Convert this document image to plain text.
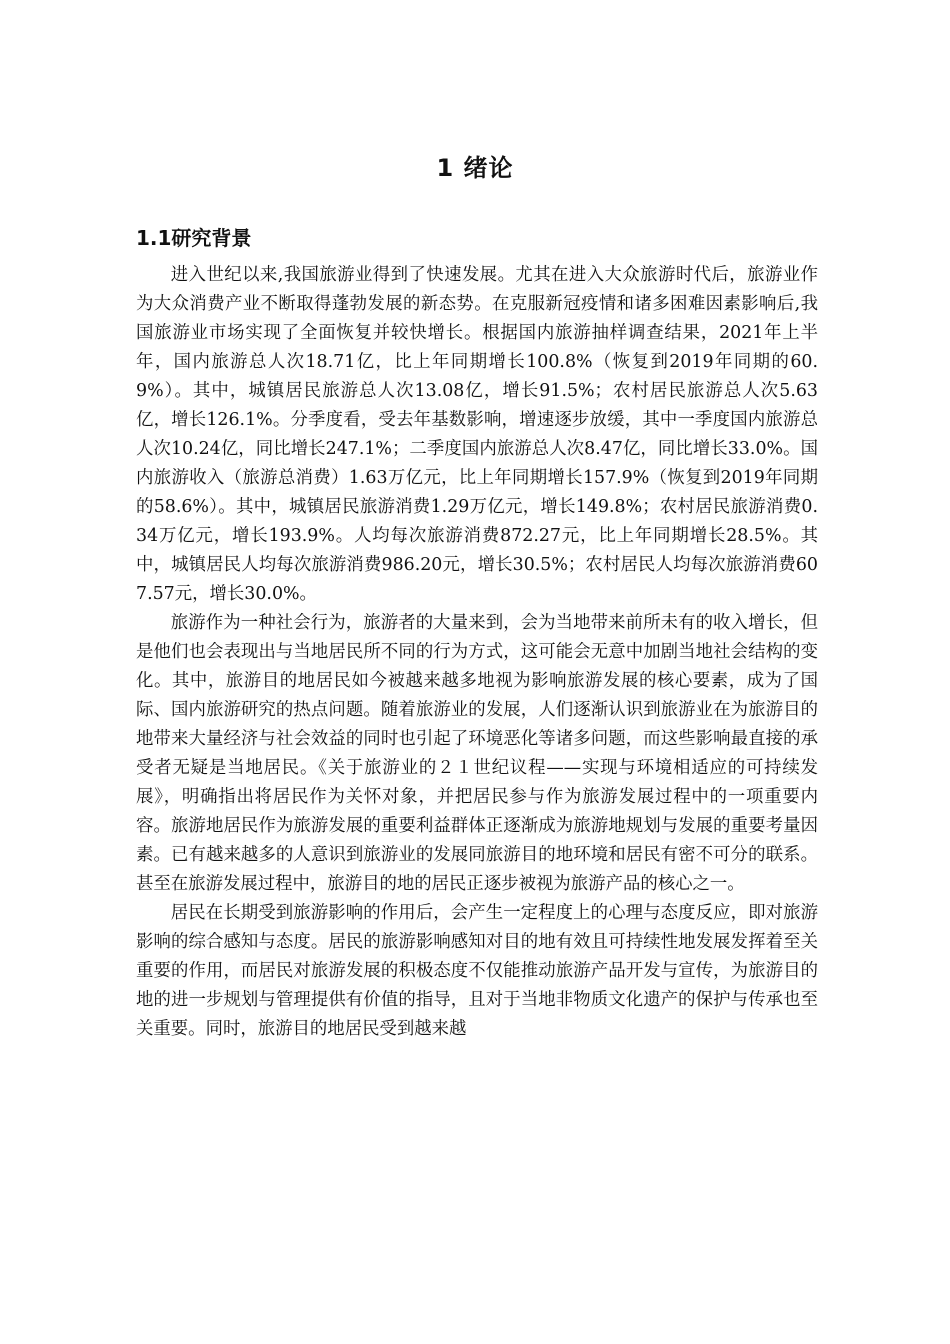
1 绪论
1.1研究背景

进入世纪以来,我国旅游业得到了快速发展。尤其在进入大众旅游时代后，旅游业作为大众消费产业不断取得蓬勃发展的新态势。在克服新冠疫情和诸多困难因素影响后,我国旅游业市场实现了全面恢复并较快增长。根据国内旅游抽样调查结果，2021年上半年，国内旅游总人次18.71亿，比上年同期增长100.8%（恢复到2019年同期的60.9%）。其中，城镇居民旅游总人次13.08亿，增长91.5%；农村居民旅游总人次5.63亿，增长126.1%。分季度看，受去年基数影响，增速逐步放缓，其中一季度国内旅游总人次10.24亿，同比增长247.1%；二季度国内旅游总人次8.47亿，同比增长33.0%。国内旅游收入（旅游总消费）1.63万亿元，比上年同期增长157.9%（恢复到2019年同期的58.6%）。其中，城镇居民旅游消费1.29万亿元，增长149.8%；农村居民旅游消费0.34万亿元，增长193.9%。人均每次旅游消费872.27元，比上年同期增长28.5%。其中，城镇居民人均每次旅游消费986.20元，增长30.5%；农村居民人均每次旅游消费607.57元，增长30.0%。

旅游作为一种社会行为，旅游者的大量来到，会为当地带来前所未有的收入增长，但是他们也会表现出与当地居民所不同的行为方式，这可能会无意中加剧当地社会结构的变化。其中，旅游目的地居民如今被越来越多地视为影响旅游发展的核心要素，成为了国际、国内旅游研究的热点问题。随着旅游业的发展，人们逐渐认识到旅游业在为旅游目的地带来大量经济与社会效益的同时也引起了环境恶化等诸多问题，而这些影响最直接的承受者无疑是当地居民。《关于旅游业的２１世纪议程——实现与环境相适应的可持续发展》，明确指出将居民作为关怀对象，并把居民参与作为旅游发展过程中的一项重要内容。旅游地居民作为旅游发展的重要利益群体正逐渐成为旅游地规划与发展的重要考量因素。已有越来越多的人意识到旅游业的发展同旅游目的地环境和居民有密不可分的联系。甚至在旅游发展过程中，旅游目的地的居民正逐步被视为旅游产品的核心之一。

居民在长期受到旅游影响的作用后，会产生一定程度上的心理与态度反应，即对旅游影响的综合感知与态度。居民的旅游影响感知对目的地有效且可持续性地发展发挥着至关重要的作用，而居民对旅游发展的积极态度不仅能推动旅游产品开发与宣传，为旅游目的地的进一步规划与管理提供有价值的指导，且对于当地非物质文化遗产的保护与传承也至关重要。同时，旅游目的地居民受到越来越
